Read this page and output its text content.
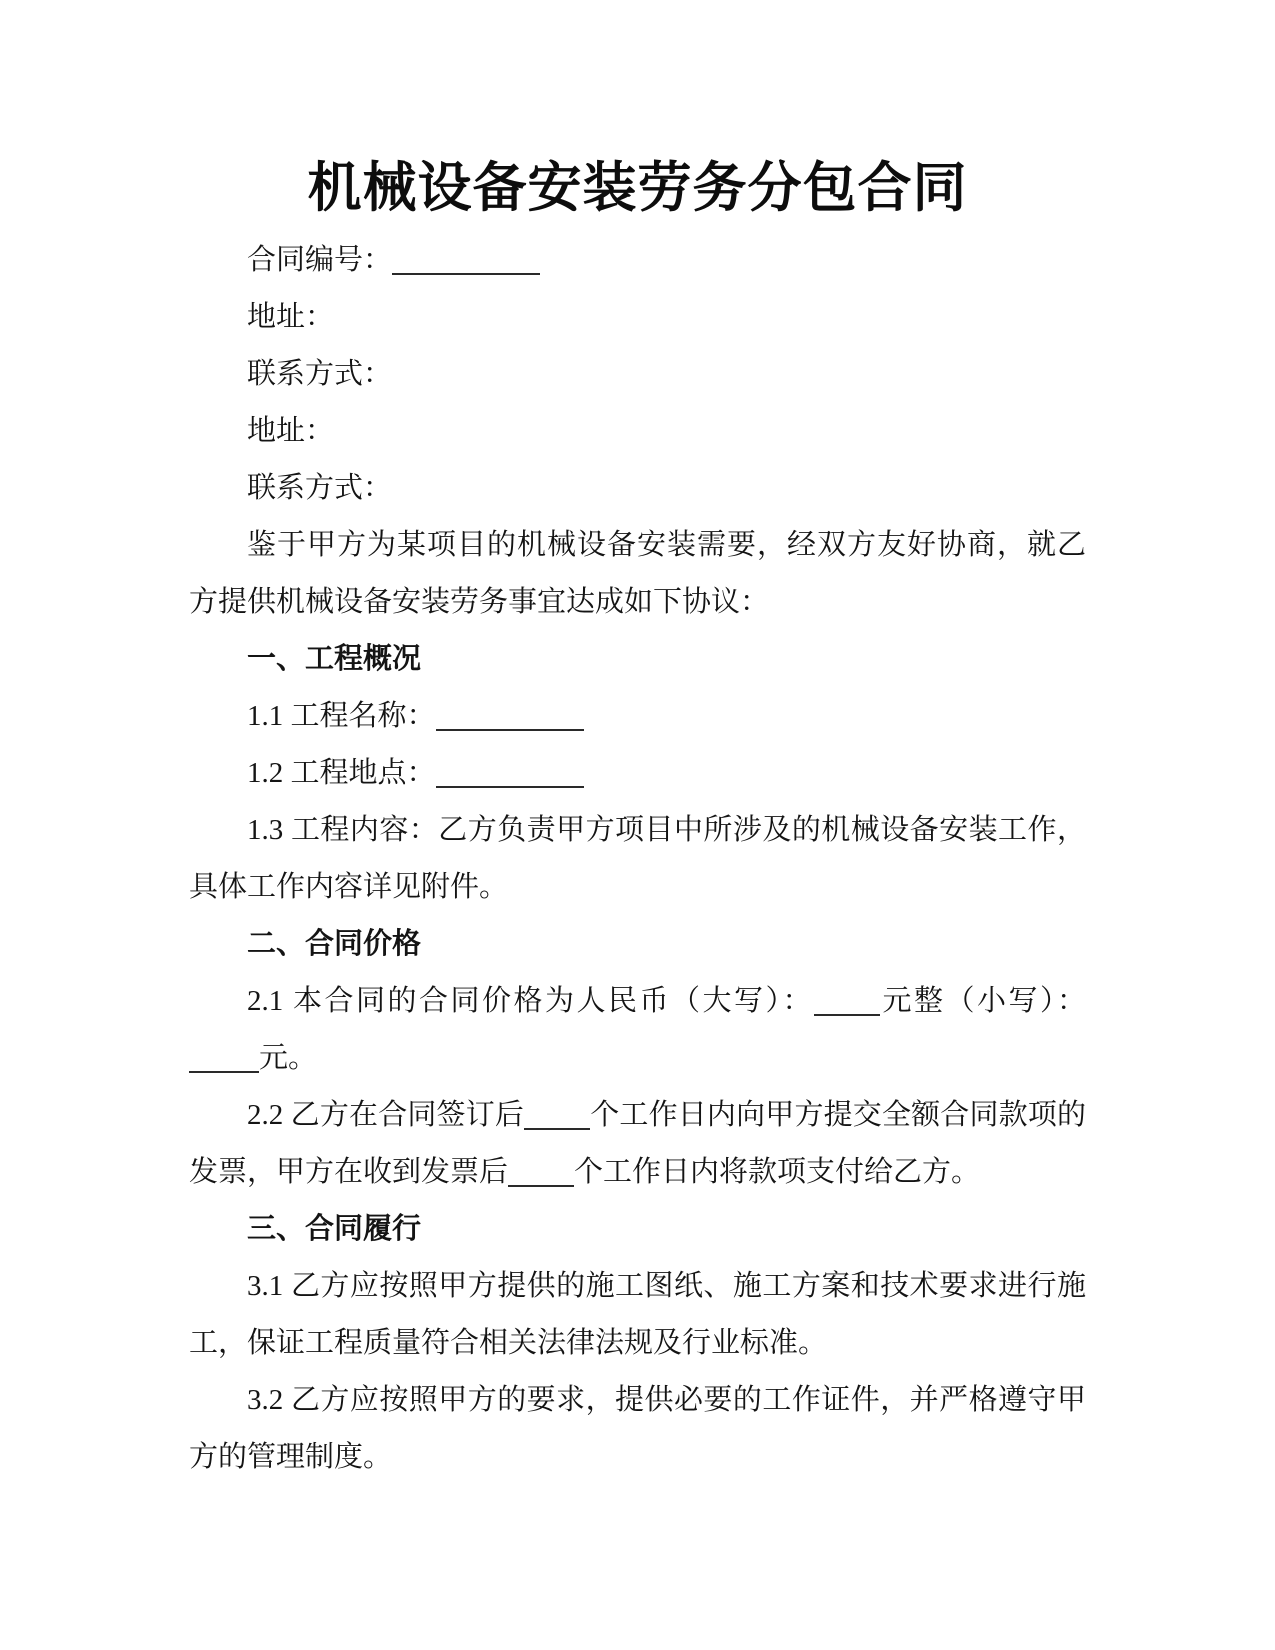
机械设备安装劳务分包合同

合同编号：

地址：

联系方式：

地址：

联系方式：

鉴于甲方为某项目的机械设备安装需要，经双方友好协商，就乙方提供机械设备安装劳务事宜达成如下协议：

一、工程概况

1.1 工程名称：

1.2 工程地点：

1.3 工程内容：乙方负责甲方项目中所涉及的机械设备安装工作，具体工作内容详见附件。

二、合同价格

2.1 本合同的合同价格为人民币（大写）： 元整（小写）：元。

2.2 乙方在合同签订后 个工作日内向甲方提交全额合同款项的发票，甲方在收到发票后 个工作日内将款项支付给乙方。

三、合同履行

3.1 乙方应按照甲方提供的施工图纸、施工方案和技术要求进行施工，保证工程质量符合相关法律法规及行业标准。

3.2 乙方应按照甲方的要求，提供必要的工作证件，并严格遵守甲方的管理制度。
